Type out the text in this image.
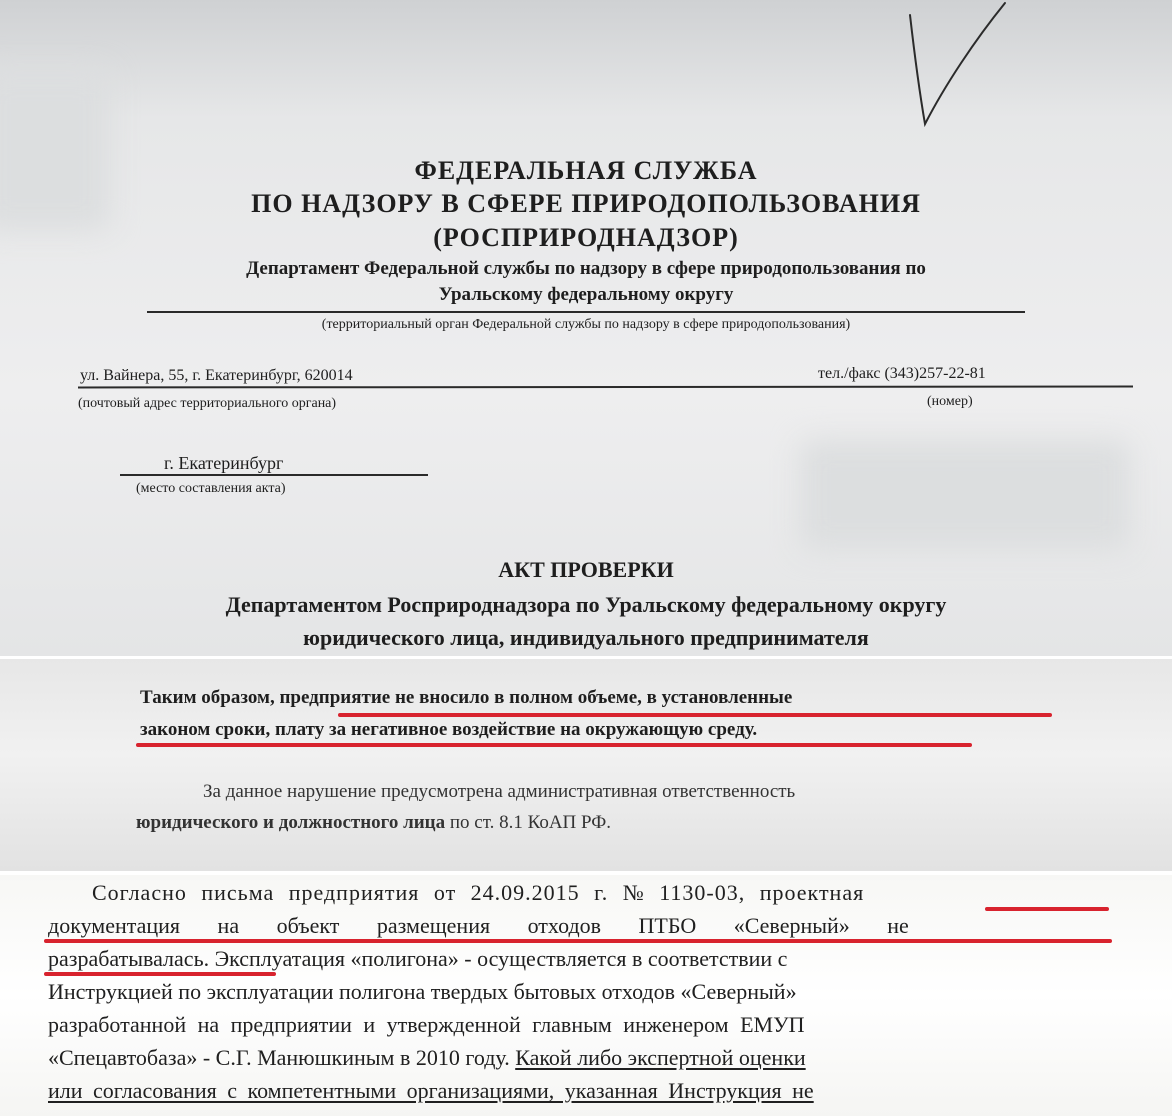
ФЕДЕРАЛЬНАЯ СЛУЖБА
ПО НАДЗОРУ В СФЕРЕ ПРИРОДОПОЛЬЗОВАНИЯ
(РОСПРИРОДНАДЗОР)
Департамент Федеральной службы по надзору в сфере природопользования по
Уральскому федеральному округу
(территориальный орган Федеральной службы по надзору в сфере природопользования)
ул. Вайнера, 55, г. Екатеринбург, 620014	тел./факс (343)257-22-81
(почтовый адрес территориального органа)	(номер)
г. Екатеринбург
(место составления акта)
АКТ ПРОВЕРКИ
Департаментом Росприроднадзора по Уральскому федеральному округу
юридического лица, индивидуального предпринимателя
Таким образом, предприятие не вносило в полном объеме, в установленные
законом сроки, плату за негативное воздействие на окружающую среду.
За данное нарушение предусмотрена административная ответственность
юридического и должностного лица по ст. 8.1 КоАП РФ.
Согласно письма предприятия от 24.09.2015 г. № 1130-03, проектная
документация на объект размещения отходов ПТБО «Северный» не
разрабатывалась. Эксплуатация «полигона» - осуществляется в соответствии с
Инструкцией по эксплуатации полигона твердых бытовых отходов «Северный»
разработанной на предприятии и утвержденной главным инженером ЕМУП
«Спецавтобаза» - С.Г. Манюшкиным в 2010 году. Какой либо экспертной оценки
или согласования с компетентными организациями, указанная Инструкция не
